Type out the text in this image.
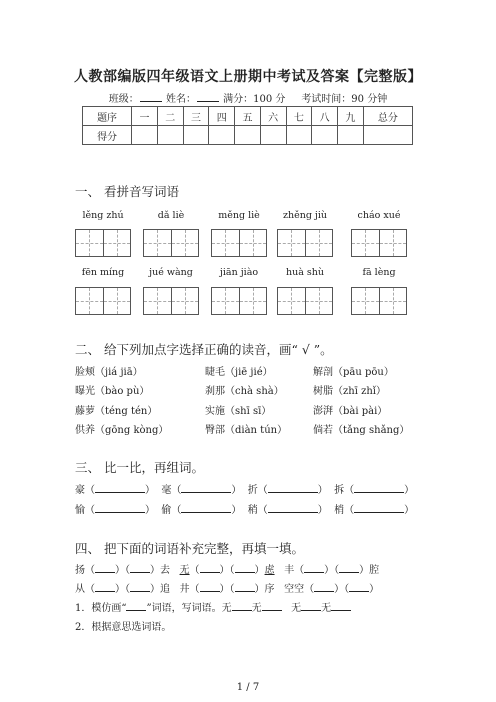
人教部编版四年级语文上册期中考试及答案【完整版】
班级：	姓名：	满分：100 分 考试时间：90 分钟
题序	一	二	三	四	五	六	七	八	九	总分
得分										
一、 看拼音写词语
lěng zhú	dǎ liè	měng liè	zhěng jiù	cháo xué
fēn míng	jué wàng	jiān jiào	huà shù	fā lèng
二、 给下列加点字选择正确的读音，画“ √ ”。
脸颊（jiá jiā）	睫毛（jiē jié）	解剖（pāu pōu）
曝光（bào pù）	刹那（chà shà）	树脂（zhī zhǐ）
藤萝（téng tén）	实施（shī sī）	澎湃（bài pài）
供养（gōng kòng）	臀部（diàn tún）	倘若（tǎng shǎng）
三、 比一比，再组词。
豪（	）  毫（	）  折（	）  拆（	）
愉（	）  偷（	）  稍（	）  梢（	）
四、 把下面的词语补充完整，再填一填。
扬（ ）（ ）去 无（ ）（ ）虑 丰（ ）（ ）腔
从（ ）（ ）追 井（ ）（ ）序 空空（ ）（ ）
1．模仿画“ ”词语，写词语。无 无	无 无
2．根据意思选词语。
1 / 7
